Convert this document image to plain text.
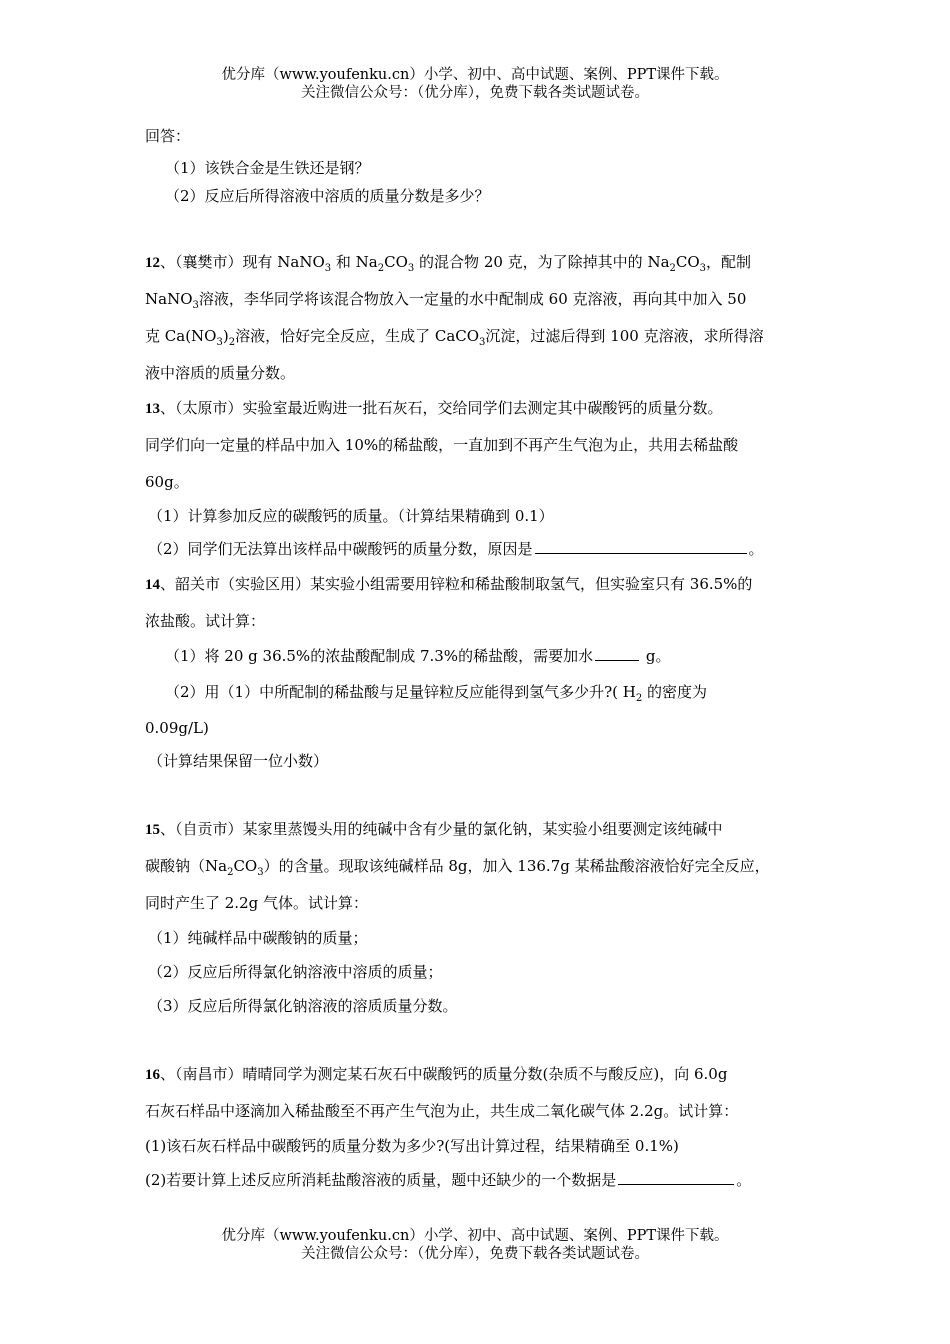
优分库（www.youfenku.cn）小学、初中、高中试题、案例、PPT课件下载。
关注微信公众号：（优分库），免费下载各类试题试卷。
回答：
（1）该铁合金是生铁还是钢？
（2）反应后所得溶液中溶质的质量分数是多少？
12、（襄樊市）现有 NaNO$_3$ 和 $Na_2CO_3$ 的混合物 20 克，为了除掉其中的 $Na_2CO_3$，配制
NaNO$_3$溶液，李华同学将该混合物放入一定量的水中配制成 60 克溶液，再向其中加入 50
克 $Ca(NO_3)_2$溶液，恰好完全反应，生成了 CaCO$_3$沉淀，过滤后得到 100 克溶液，求所得溶
液中溶质的质量分数。
13、（太原市）实验室最近购进一批石灰石，交给同学们去测定其中碳酸钙的质量分数。
同学们向一定量的样品中加入 10%的稀盐酸，一直加到不再产生气泡为止，共用去稀盐酸
60g。
（1）计算参加反应的碳酸钙的质量。（计算结果精确到 0.1）
（2）同学们无法算出该样品中碳酸钙的质量分数，原因是	。
14、韶关市（实验区用）某实验小组需要用锌粒和稀盐酸制取氢气，但实验室只有 36.5%的
浓盐酸。试计算：
（1）将 20 g 36.5%的浓盐酸配制成 7.3%的稀盐酸，需要加水	g。
（2）用（1）中所配制的稀盐酸与足量锌粒反应能得到氢气多少升?( $H_2$ 的密度为
0.09g/L)
（计算结果保留一位小数）
15、（自贡市）某家里蒸馒头用的纯碱中含有少量的氯化钠，某实验小组要测定该纯碱中
碳酸钠$(Na_2CO_3)$的含量。现取该纯碱样品 8g，加入 136.7g 某稀盐酸溶液恰好完全反应，
同时产生了 2.2g 气体。试计算：
（1）纯碱样品中碳酸钠的质量；
（2）反应后所得氯化钠溶液中溶质的质量；
（3）反应后所得氯化钠溶液的溶质质量分数。
16、（南昌市）晴晴同学为测定某石灰石中碳酸钙的质量分数(杂质不与酸反应)，向 6.0g
石灰石样品中逐滴加入稀盐酸至不再产生气泡为止，共生成二氧化碳气体 2.2g。试计算：
(1)该石灰石样品中碳酸钙的质量分数为多少?(写出计算过程，结果精确至 0.1%)
(2)若要计算上述反应所消耗盐酸溶液的质量，题中还缺少的一个数据是	。
优分库（www.youfenku.cn）小学、初中、高中试题、案例、PPT课件下载。
关注微信公众号：（优分库），免费下载各类试题试卷。
